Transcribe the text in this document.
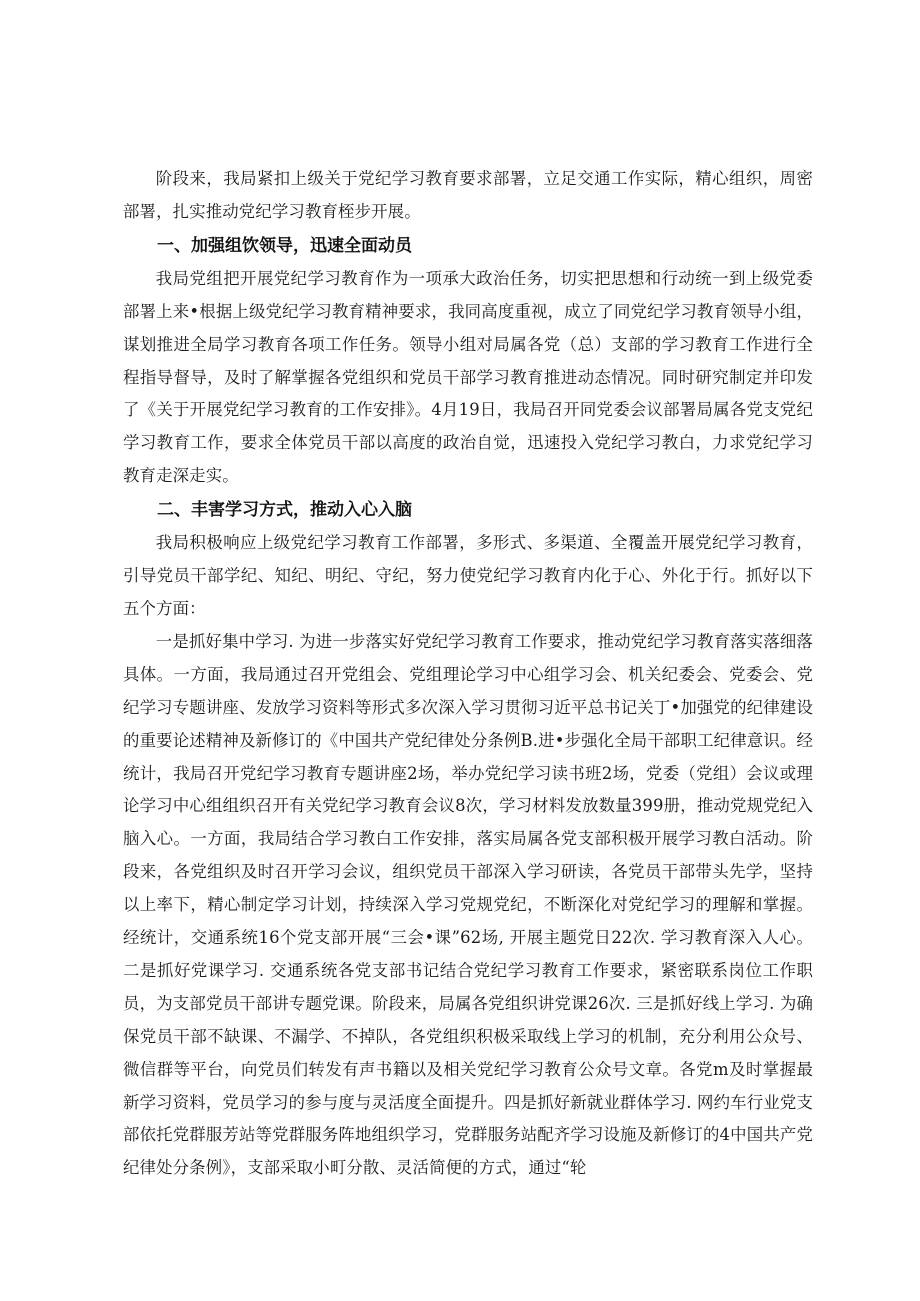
阶段来，我局紧扣上级关于党纪学习教育要求部署，立足交通工作实际，精心组织，周密部署，扎实推动党纪学习教育桎步开展。

一、加强组饮领导，迅速全面动员

我局党组把开展党纪学习教育作为一项承大政治任务，切实把思想和行动统一到上级党委部署上来•根据上级党纪学习教育精神要求，我同高度重视，成立了同党纪学习教育领导小组，谋划推进全局学习教育各项工作任务。领导小组对局属各党（总）支部的学习教育工作进行全程指导督导，及时了解掌握各党组织和党员干部学习教育推进动态情况。同时研究制定并印发了《关于开展党纪学习教育的工作安排》。4月19日，我局召开同党委会议部署局属各党支党纪学习教育工作，要求全体党员干部以高度的政治自觉，迅速投入党纪学习教白，力求党纪学习教育走深走实。

二、丰害学习方式，推动入心入脑

我局积极响应上级党纪学习教育工作部署，多形式、多渠道、全覆盖开展党纪学习教育，引导党员干部学纪、知纪、明纪、守纪，努力使党纪学习教育内化于心、外化于行。抓好以下五个方面：

一是抓好集中学习. 为进一步落实好党纪学习教育工作要求，推动党纪学习教育落实落细落具体。一方面，我局通过召开党组会、党组理论学习中心组学习会、机关纪委会、党委会、党纪学习专题讲座、发放学习资料等形式多次深入学习贯彻习近平总书记关丁•加强党的纪律建设的重要论述精神及新修订的《中国共产党纪律处分条例B.进•步强化全局干部职工纪律意识。经统计，我局召开党纪学习教育专题讲座2场，举办党纪学习读书班2场，党委（党组）会议或理论学习中心组组织召开有关党纪学习教育会议8次，学习材料发放数量399册，推动党规党纪入脑入心。一方面，我局结合学习教白工作安排，落实局属各党支部积极开展学习教白活动。阶段来，各党组织及时召开学习会议，组织党员干部深入学习研读，各党员干部带头先学，坚持以上率下，精心制定学习计划，持续深入学习党规党纪，不断深化对党纪学习的理解和掌握。经统计，交通系统16个党支部开展“三会•课”62场, 开展主题党日22次. 学习教育深入人心。二是抓好党课学习. 交通系统各党支部书记结合党纪学习教育工作要求，紧密联系岗位工作职员，为支部党员干部讲专题党课。阶段来，局属各党组织讲党课26次. 三是抓好线上学习. 为确保党员干部不缺课、不漏学、不掉队，各党组织积极采取线上学习的机制，充分利用公众号、微信群等平台，向党员们转发有声书籍以及相关党纪学习教育公众号文章。各党m及时掌握最新学习资料，党员学习的参与度与灵活度全面提升。四是抓好新就业群体学习. 网约车行业党支部依托党群服芳站等党群服务阵地组织学习，党群服务站配齐学习设施及新修订的4中国共产党纪律处分条例》，支部采取小町分散、灵活简便的方式，通过“轮
